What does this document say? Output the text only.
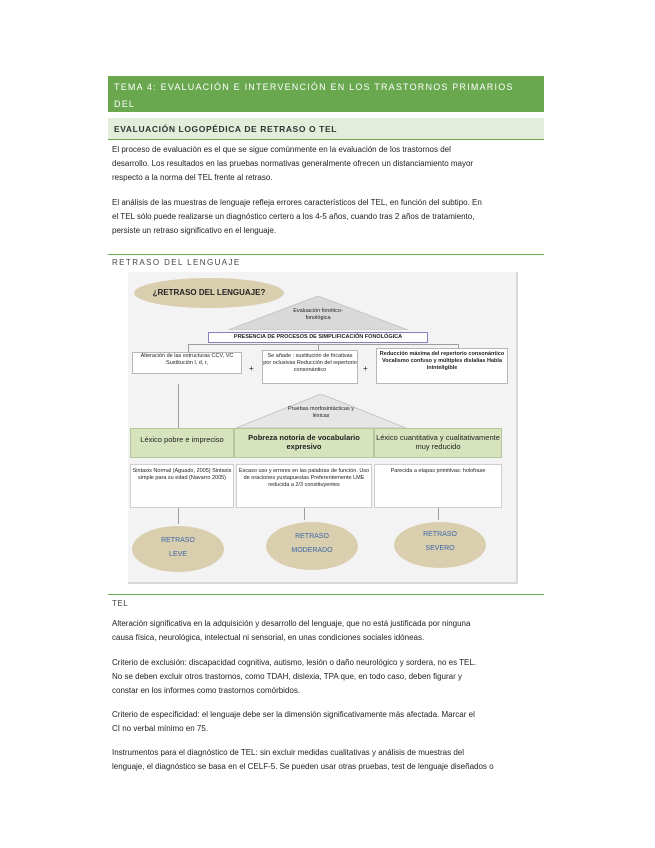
TEMA 4: EVALUACIÓN E INTERVENCIÓN EN LOS TRASTORNOS PRIMARIOS DEL
EVALUACIÓN LOGOPÉDICA DE RETRASO O TEL
El proceso de evaluación es el que se sigue comúnmente en la evaluación de los trastornos del
desarrollo. Los resultados en las pruebas normativas generalmente ofrecen un distanciamiento mayor
respecto a la norma del TEL frente al retraso.
El análisis de las muestras de lenguaje refleja errores característicos del TEL, en función del subtipo. En
el TEL sólo puede realizarse un diagnóstico certero a los 4-5 años, cuando tras 2 años de tratamiento,
persiste un retraso significativo en el lenguaje.
RETRASO DEL LENGUAJE
¿RETRASO DEL LENGUAJE?
Evaluación fonético-fonológica
PRESENCIA DE PROCESOS DE SIMPLIFICACIÓN FONOLÓGICA
Alteración de las estructuras CCV, VC Sustitución l, d, r,
+
Se añade : sustitución de fricativas por oclusivas Reducción del repertorio consonántico	+
Reducción máxima del repertorio consonántico Vocalismo confuso y múltiples dislalias Habla ininteligible
Pruebas morfosintácticas y léxicas
Léxico pobre e impreciso	Pobreza notoria de vocabulario expresivo
Léxico cuantitativa y cualitativamente muy reducido
Sintaxis Normal (Aguado, 2005) Sintaxis simple para su edad (Navarro 2005)
Escaso uso y errores en las palabras de función. Uso de oraciones yuxtapuestas Preferentemente LME reducida a 2/3 constituyentes
Parecida a etapas primitivas: holofrase
RETRASO
LEVE
RETRASO
MODERADO
RETRASO
SEVERO
TEL
Alteración significativa en la adquisición y desarrollo del lenguaje, que no está justificada por ninguna
causa física, neurológica, intelectual ni sensorial, en unas condiciones sociales idóneas.
Criterio de exclusión: discapacidad cognitiva, autismo, lesión o daño neurológico y sordera, no es TEL.
No se deben excluir otros trastornos, como TDAH, dislexia, TPA que, en todo caso, deben figurar y
constar en los informes como trastornos comórbidos.
Criterio de especificidad: el lenguaje debe ser la dimensión significativamente más afectada. Marcar el
CI no verbal mínimo en 75.
Instrumentos para el diagnóstico de TEL: sin excluir medidas cualitativas y análisis de muestras del
lenguaje, el diagnóstico se basa en el CELF-5. Se pueden usar otras pruebas, test de lenguaje diseñados o
